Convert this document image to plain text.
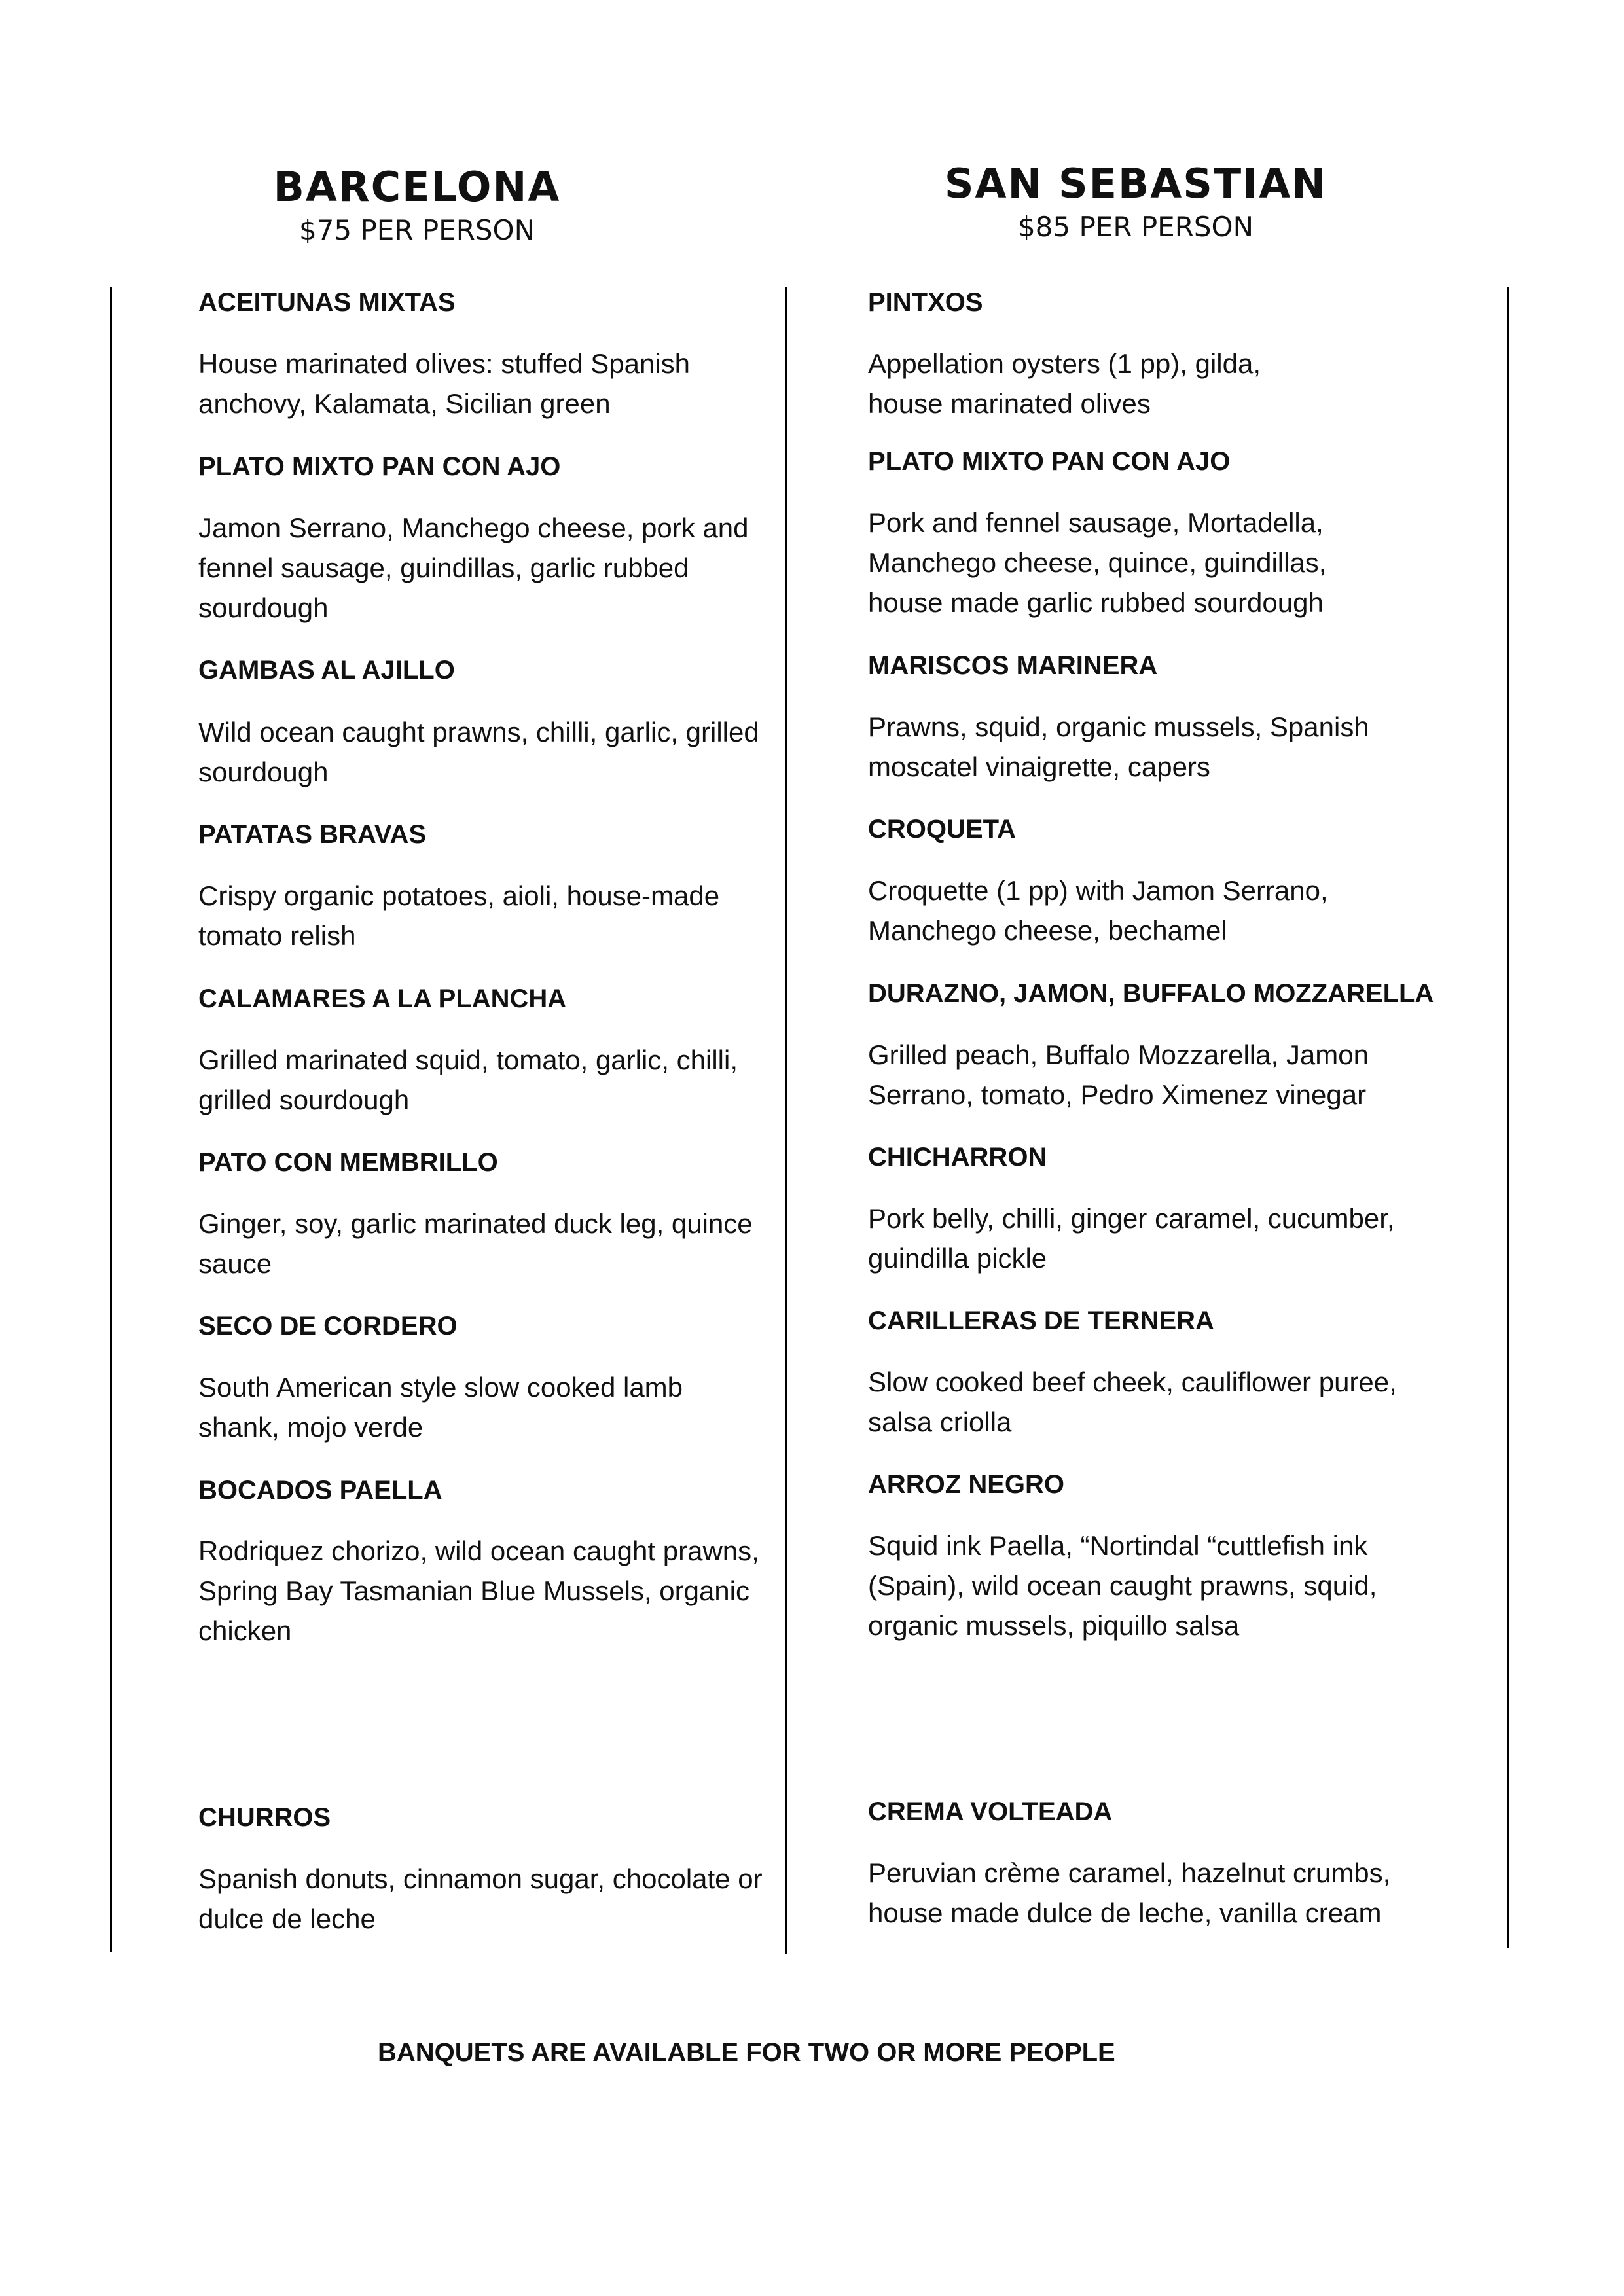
BARCELONA
$75 PER PERSON
SAN SEBASTIAN
$85 PER PERSON
ACEITUNAS MIXTAS
House marinated olives: stuffed Spanish
anchovy, Kalamata, Sicilian green
PLATO MIXTO PAN CON AJO
Jamon Serrano, Manchego cheese, pork and
fennel sausage, guindillas, garlic rubbed
sourdough
GAMBAS AL AJILLO
Wild ocean caught prawns, chilli, garlic, grilled
sourdough
PATATAS BRAVAS
Crispy organic potatoes, aioli, house-made
tomato relish
CALAMARES A LA PLANCHA
Grilled marinated squid, tomato, garlic, chilli,
grilled sourdough
PATO CON MEMBRILLO
Ginger, soy, garlic marinated duck leg, quince
sauce
SECO DE CORDERO
South American style slow cooked lamb
shank, mojo verde
BOCADOS PAELLA
Rodriquez chorizo, wild ocean caught prawns,
Spring Bay Tasmanian Blue Mussels, organic
chicken
CHURROS
Spanish donuts, cinnamon sugar, chocolate or
dulce de leche
PINTXOS
Appellation oysters (1 pp), gilda,
house marinated olives
PLATO MIXTO PAN CON AJO
Pork and fennel sausage, Mortadella,
Manchego cheese, quince, guindillas,
house made garlic rubbed sourdough
MARISCOS MARINERA
Prawns, squid, organic mussels, Spanish
moscatel vinaigrette, capers
CROQUETA
Croquette (1 pp) with Jamon Serrano,
Manchego cheese, bechamel
DURAZNO, JAMON, BUFFALO MOZZARELLA
Grilled peach, Buffalo Mozzarella, Jamon
Serrano, tomato, Pedro Ximenez vinegar
CHICHARRON
Pork belly, chilli, ginger caramel, cucumber,
guindilla pickle
CARILLERAS DE TERNERA
Slow cooked beef cheek, cauliflower puree,
salsa criolla
ARROZ NEGRO
Squid ink Paella, “Nortindal “cuttlefish ink
(Spain), wild ocean caught prawns, squid,
organic mussels, piquillo salsa
CREMA VOLTEADA
Peruvian crème caramel, hazelnut crumbs,
house made dulce de leche, vanilla cream
BANQUETS ARE AVAILABLE FOR TWO OR MORE PEOPLE
